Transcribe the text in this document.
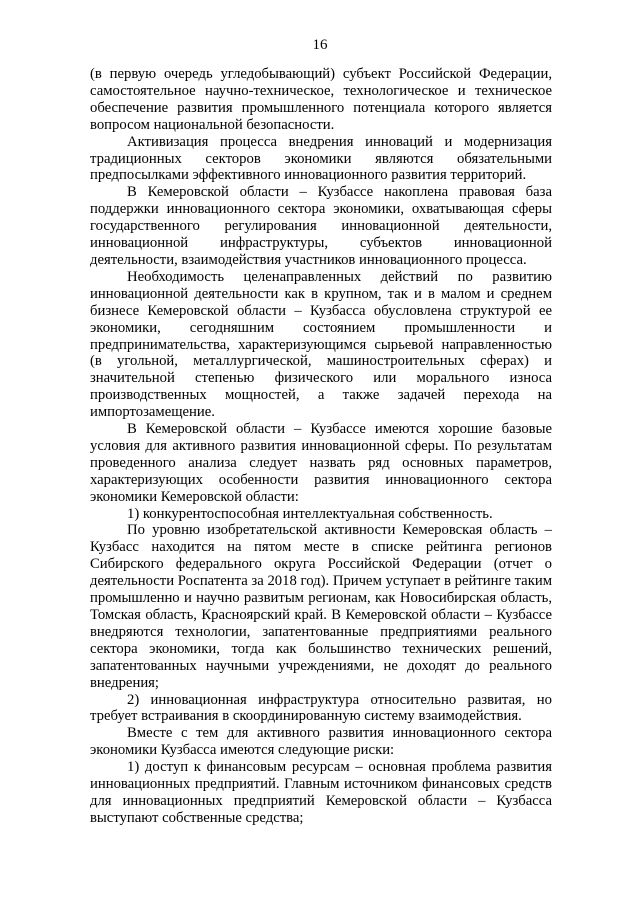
16

(в первую очередь угледобывающий) субъект Российской Федерации, самостоятельное научно-техническое, технологическое и техническое обеспечение развития промышленного потенциала которого является вопросом национальной безопасности.

Активизация процесса внедрения инноваций и модернизация традиционных секторов экономики являются обязательными предпосылками эффективного инновационного развития территорий.

В Кемеровской области – Кузбассе накоплена правовая база поддержки инновационного сектора экономики, охватывающая сферы государственного регулирования инновационной деятельности, инновационной инфраструктуры, субъектов инновационной деятельности, взаимодействия участников инновационного процесса.

Необходимость целенаправленных действий по развитию инновационной деятельности как в крупном, так и в малом и среднем бизнесе Кемеровской области – Кузбасса обусловлена структурой ее экономики, сегодняшним состоянием промышленности и предпринимательства, характеризующимся сырьевой направленностью (в угольной, металлургической, машиностроительных сферах) и значительной степенью физического или морального износа производственных мощностей, а также задачей перехода на импортозамещение.

В Кемеровской области – Кузбассе имеются хорошие базовые условия для активного развития инновационной сферы. По результатам проведенного анализа следует назвать ряд основных параметров, характеризующих особенности развития инновационного сектора экономики Кемеровской области:

1) конкурентоспособная интеллектуальная собственность.

По уровню изобретательской активности Кемеровская область – Кузбасс находится на пятом месте в списке рейтинга регионов Сибирского федерального округа Российской Федерации (отчет о деятельности Роспатента за 2018 год). Причем уступает в рейтинге таким промышленно и научно развитым регионам, как Новосибирская область, Томская область, Красноярский край. В Кемеровской области – Кузбассе внедряются технологии, запатентованные предприятиями реального сектора экономики, тогда как большинство технических решений, запатентованных научными учреждениями, не доходят до реального внедрения;

2) инновационная инфраструктура относительно развитая, но требует встраивания в скоординированную систему взаимодействия.

Вместе с тем для активного развития инновационного сектора экономики Кузбасса имеются следующие риски:

1) доступ к финансовым ресурсам – основная проблема развития инновационных предприятий. Главным источником финансовых средств для инновационных предприятий Кемеровской области – Кузбасса выступают собственные средства;
